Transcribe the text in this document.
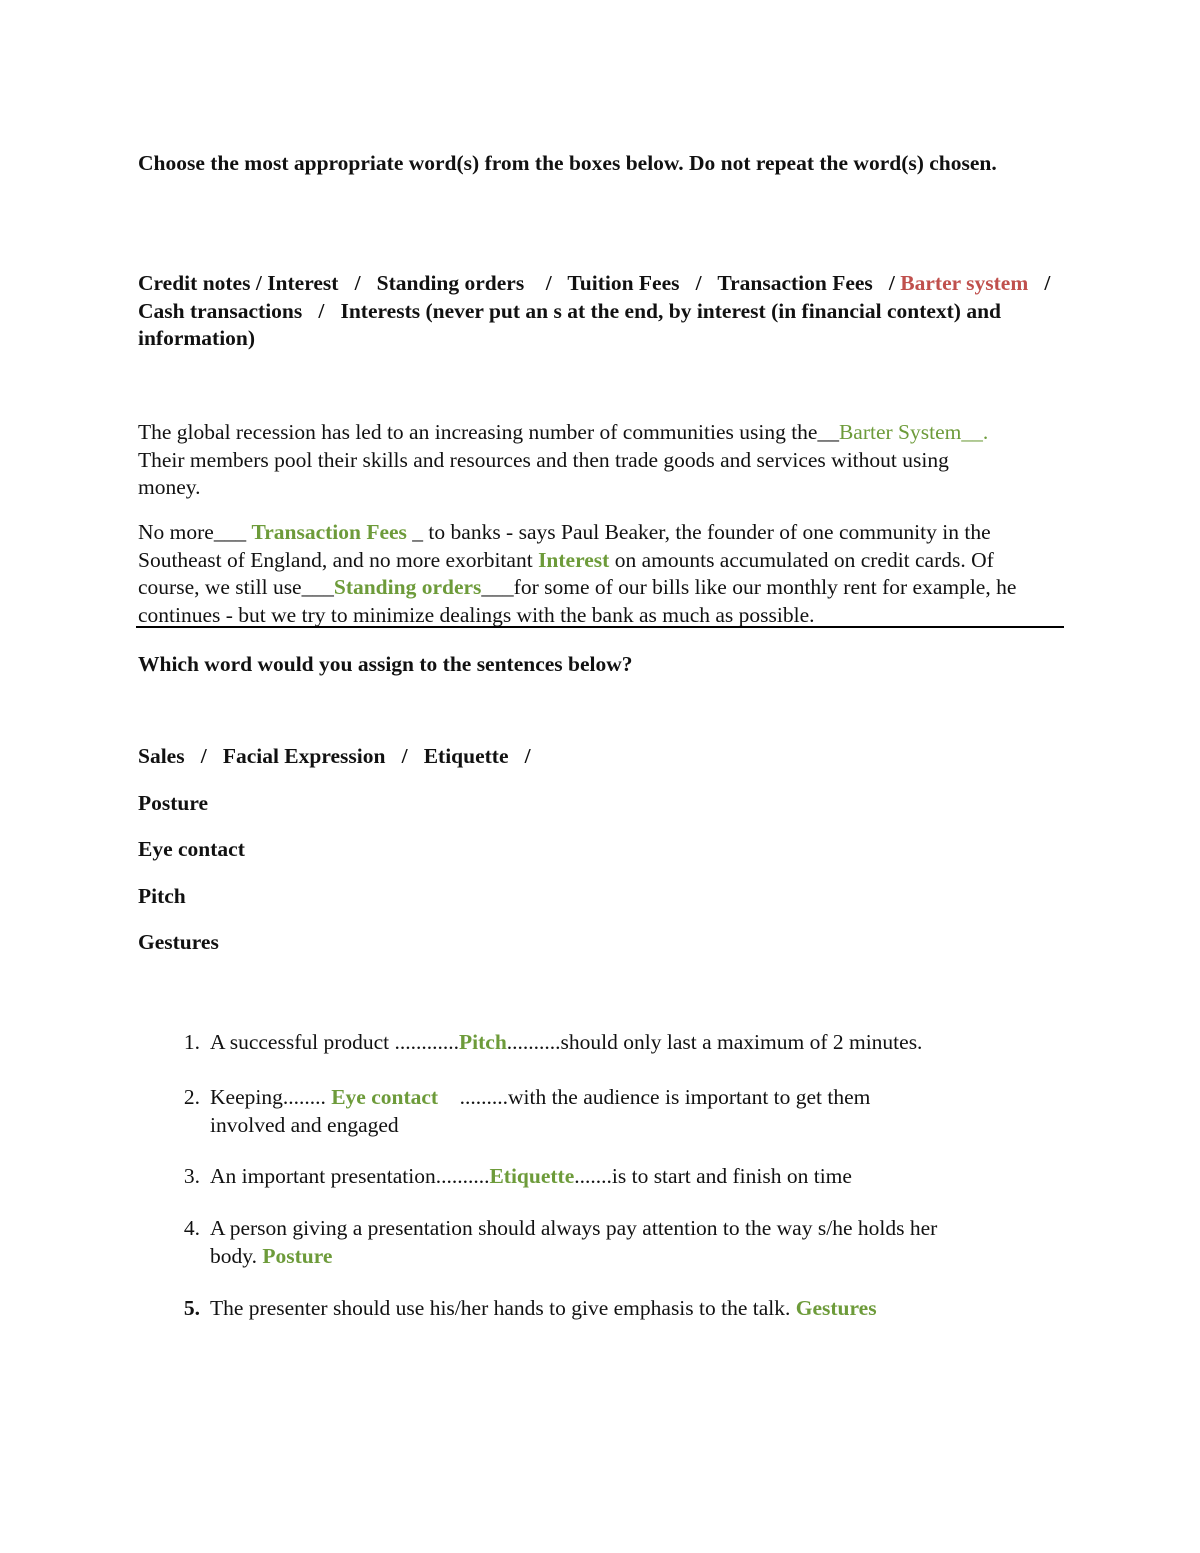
Choose the most appropriate word(s) from the boxes below. Do not repeat the word(s) chosen.

Credit notes / Interest   /   Standing orders    /   Tuition Fees   /   Transaction Fees   / Barter system   /   Cash transactions   /   Interests (never put an s at the end, by interest (in financial context) and information)

The global recession has led to an increasing number of communities using the__Barter System__. Their members pool their skills and resources and then trade goods and services without using money.

No more___ Transaction Fees _ to banks - says Paul Beaker, the founder of one community in the Southeast of England, and no more exorbitant Interest on amounts accumulated on credit cards. Of course, we still use___Standing orders___for some of our bills like our monthly rent for example, he continues - but we try to minimize dealings with the bank as much as possible.

Which word would you assign to the sentences below?

Sales   /   Facial Expression   /   Etiquette   /

Posture

Eye contact

Pitch

Gestures

1. A successful product ............Pitch..........should only last a maximum of 2 minutes.
2. Keeping........ Eye contact    .........with the audience is important to get them involved and engaged
3. An important presentation..........Etiquette.......is to start and finish on time
4. A person giving a presentation should always pay attention to the way s/he holds her body. Posture
5. The presenter should use his/her hands to give emphasis to the talk. Gestures
